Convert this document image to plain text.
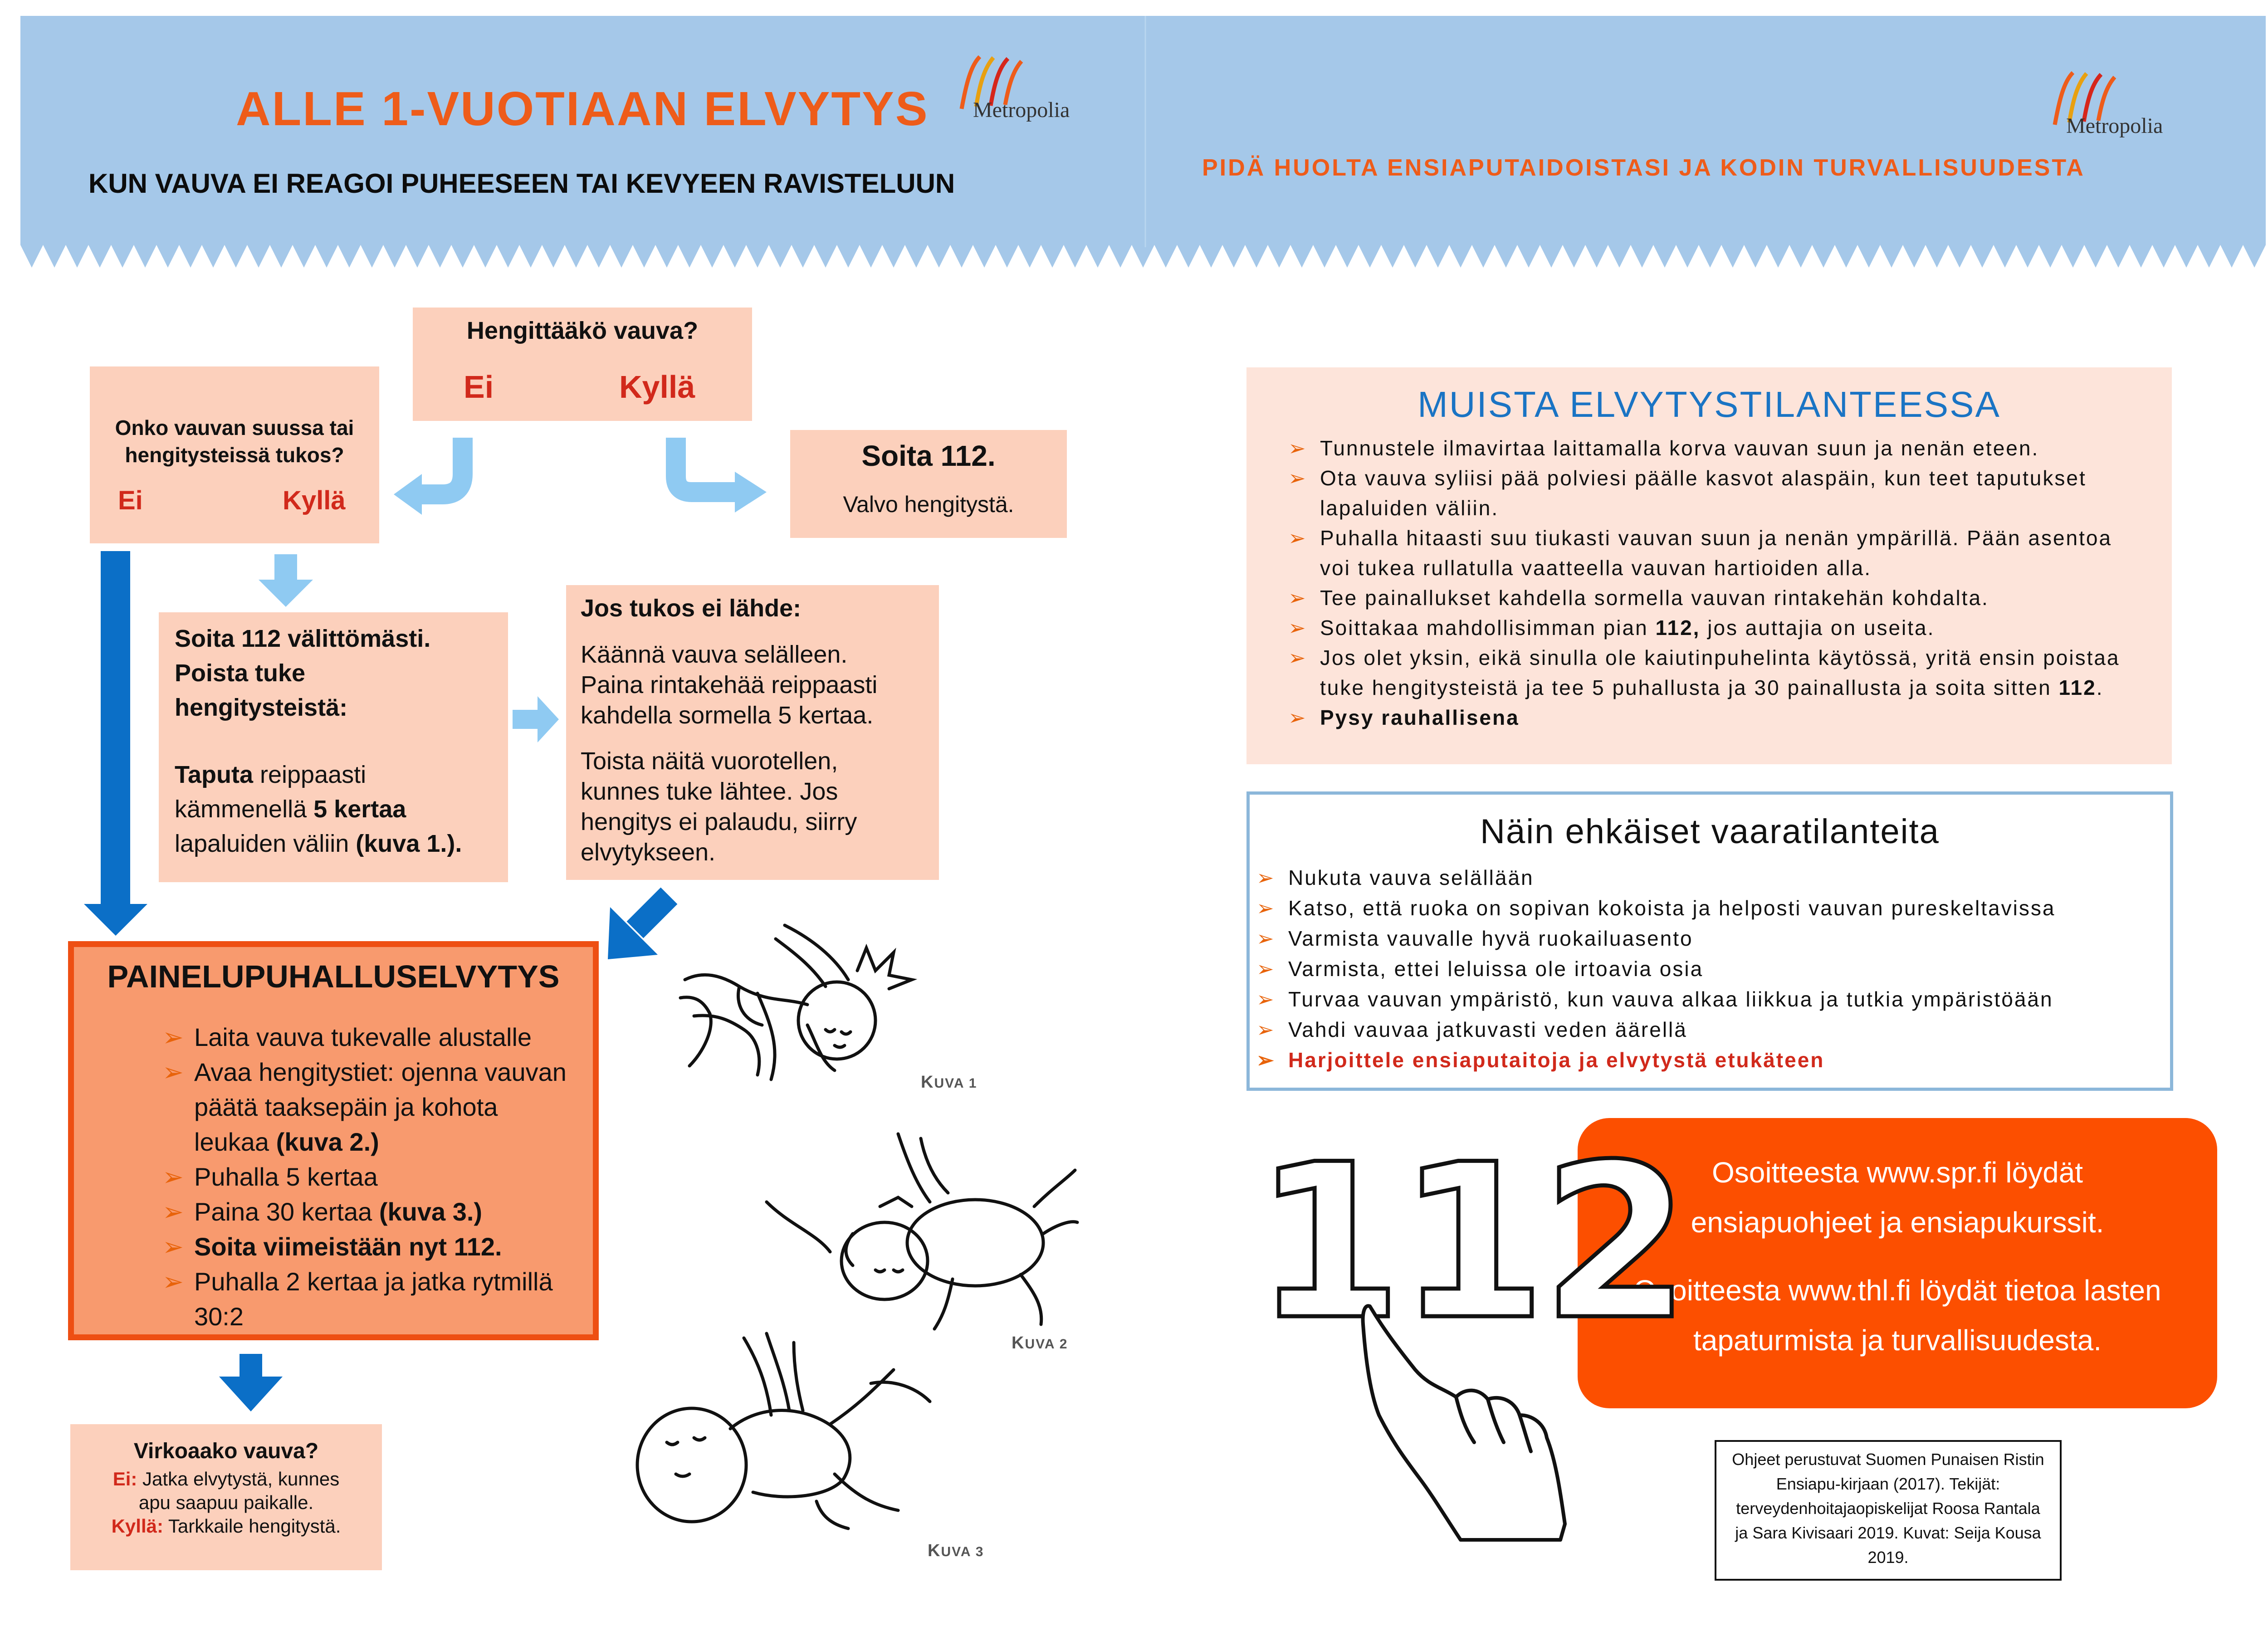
ALLE 1-VUOTIAAN ELVYTYS
KUN VAUVA EI REAGOI PUHEESEEN TAI KEVYEEN RAVISTELUUN
Metropolia
Metropolia
PIDÄ HUOLTA ENSIAPUTAIDOISTASI JA KODIN TURVALLISUUDESTA
Hengittääkö vauva?
Ei	Kyllä
Onko vauvan suussa tai hengitysteissä tukos?
Ei	Kyllä
Soita 112.
Valvo hengitystä.
Soita 112 välittömästi. Poista tuke hengitysteistä:
Taputa reippaasti kämmenellä 5 kertaa lapaluiden väliin (kuva 1.).
Jos tukos ei lähde:
Käännä vauva selälleen. Paina rintakehää reippaasti kahdella sormella 5 kertaa.
Toista näitä vuorotellen, kunnes tuke lähtee. Jos hengitys ei palaudu, siirry elvytykseen.
PAINELUPUHALLUSELVYTYS
➢ Laita vauva tukevalle alustalle
➢ Avaa hengitystiet: ojenna vauvan päätä taaksepäin ja kohota leukaa (kuva 2.)
➢ Puhalla 5 kertaa
➢ Paina 30 kertaa (kuva 3.)
➢ Soita viimeistään nyt 112.
➢ Puhalla 2 kertaa ja jatka rytmillä 30:2
Virkoaako vauva?
Ei: Jatka elvytystä, kunnes apu saapuu paikalle.
Kyllä: Tarkkaile hengitystä.
KUVA 1
KUVA 2
KUVA 3
MUISTA ELVYTYSTILANTEESSA
➢ Tunnustele ilmavirtaa laittamalla korva vauvan suun ja nenän eteen.
➢ Ota vauva syliisi pää polviesi päälle kasvot alaspäin, kun teet taputukset lapaluiden väliin.
➢ Puhalla hitaasti suu tiukasti vauvan suun ja nenän ympärillä. Pään asentoa voi tukea rullatulla vaatteella vauvan hartioiden alla.
➢ Tee painallukset kahdella sormella vauvan rintakehän kohdalta.
➢ Soittakaa mahdollisimman pian 112, jos auttajia on useita.
➢ Jos olet yksin, eikä sinulla ole kaiutinpuhelinta käytössä, yritä ensin poistaa tuke hengitysteistä ja tee 5 puhallusta ja 30 painallusta ja soita sitten 112.
➢ Pysy rauhallisena
Näin ehkäiset vaaratilanteita
➢ Nukuta vauva selällään
➢ Katso, että ruoka on sopivan kokoista ja helposti vauvan pureskeltavissa
➢ Varmista vauvalle hyvä ruokailuasento
➢ Varmista, ettei leluissa ole irtoavia osia
➢ Turvaa vauvan ympäristö, kun vauva alkaa liikkua ja tutkia ympäristöään
➢ Vahdi vauvaa jatkuvasti veden äärellä
➢ Harjoittele ensiaputaitoja ja elvytystä etukäteen
Osoitteesta www.spr.fi löydät ensiapuohjeet ja ensiapukurssit.
Osoitteesta www.thl.fi löydät tietoa lasten tapaturmista ja turvallisuudesta.
112
Ohjeet perustuvat Suomen Punaisen Ristin Ensiapu-kirjaan (2017). Tekijät: terveydenhoitajaopiskelijat Roosa Rantala ja Sara Kivisaari 2019. Kuvat: Seija Kousa 2019.
